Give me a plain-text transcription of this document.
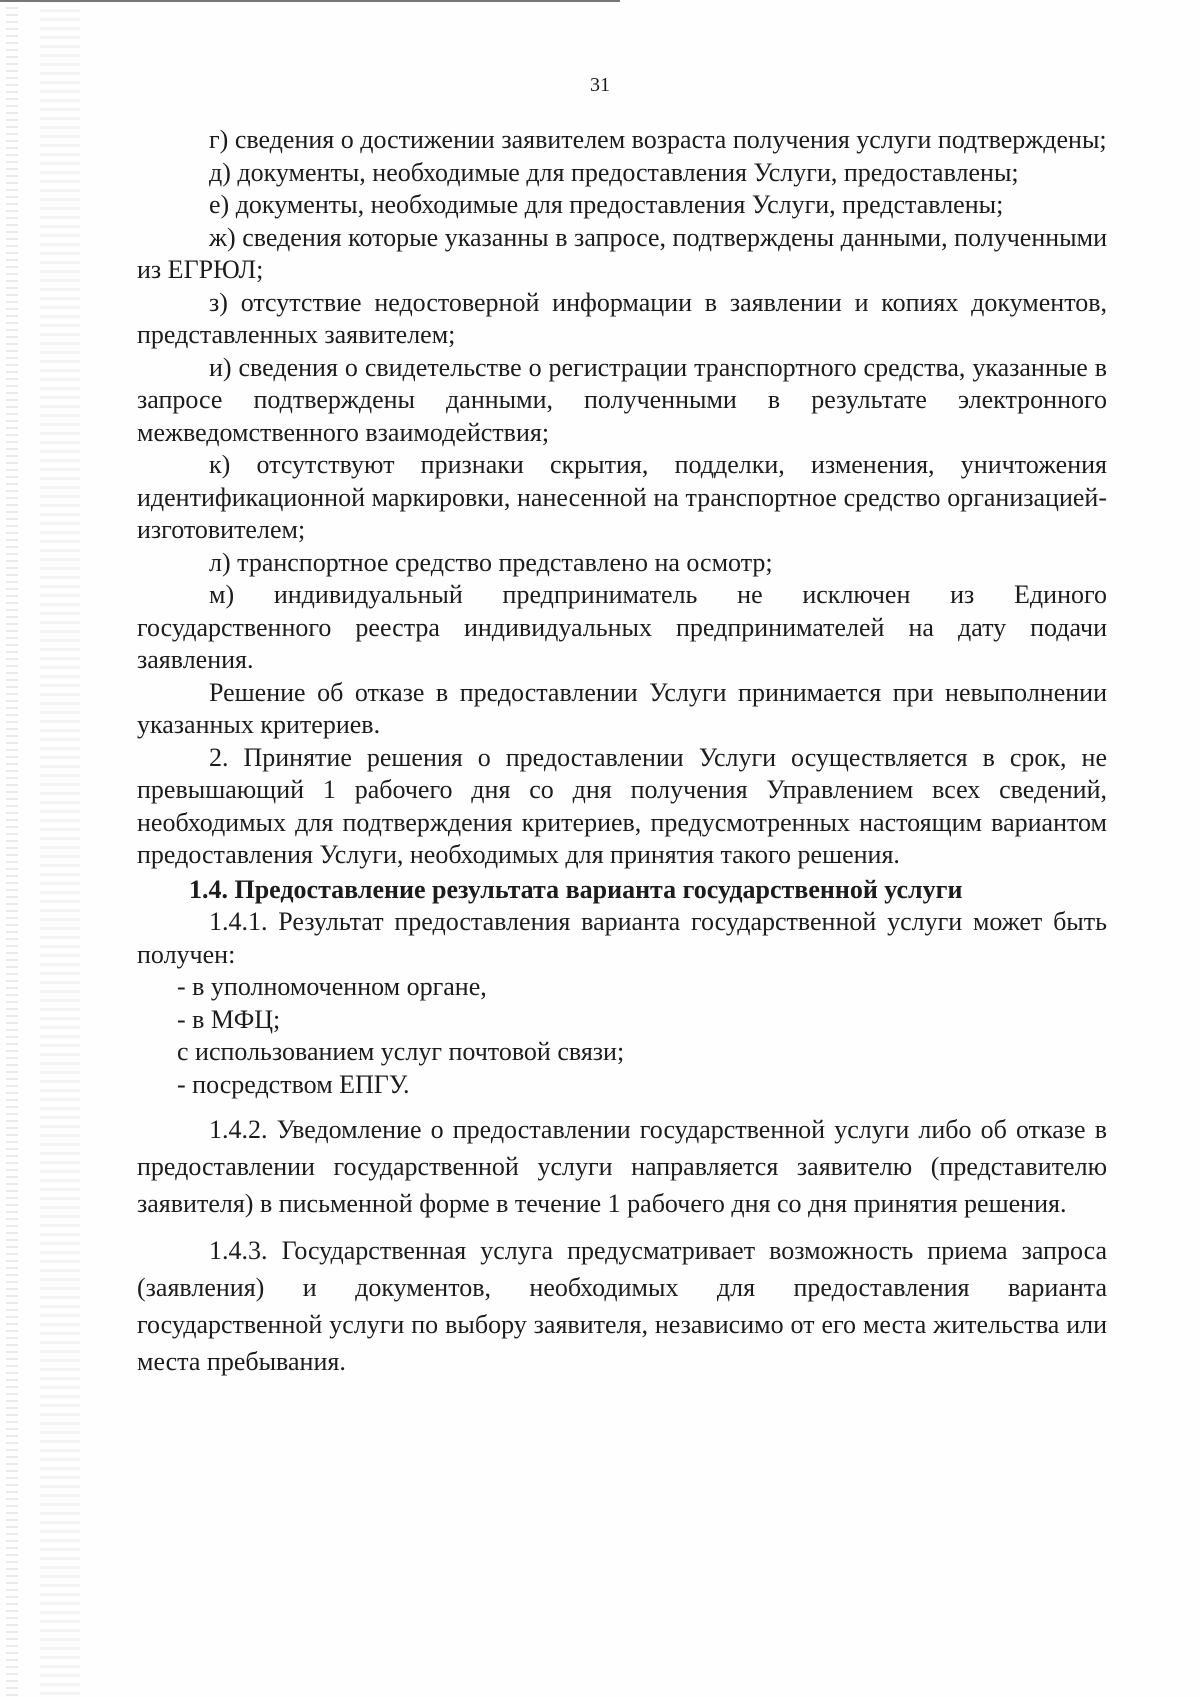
31

г) сведения о достижении заявителем возраста получения услуги подтверждены;

д) документы, необходимые для предоставления Услуги, предоставлены;

е) документы, необходимые для предоставления Услуги, представлены;

ж) сведения которые указанны в запросе, подтверждены данными, полученными из ЕГРЮЛ;

з) отсутствие недостоверной информации в заявлении и копиях документов, представленных заявителем;

и) сведения о свидетельстве о регистрации транспортного средства, указанные в запросе подтверждены данными, полученными в результате электронного межведомственного взаимодействия;

к) отсутствуют признаки скрытия, подделки, изменения, уничтожения идентификационной маркировки, нанесенной на транспортное средство организацией-изготовителем;

л) транспортное средство представлено на осмотр;

м) индивидуальный предприниматель не исключен из Единого государственного реестра индивидуальных предпринимателей на дату подачи заявления.

Решение об отказе в предоставлении Услуги принимается при невыполнении указанных критериев.

2. Принятие решения о предоставлении Услуги осуществляется в срок, не превышающий 1 рабочего дня со дня получения Управлением всех сведений, необходимых для подтверждения критериев, предусмотренных настоящим вариантом предоставления Услуги, необходимых для принятия такого решения.

1.4. Предоставление результата варианта государственной услуги

1.4.1. Результат предоставления варианта государственной услуги может быть получен:

- в уполномоченном органе,

- в МФЦ;

с использованием услуг почтовой связи;

- посредством ЕПГУ.

1.4.2. Уведомление о предоставлении государственной услуги либо об отказе в предоставлении государственной услуги направляется заявителю (представителю заявителя) в письменной форме в течение 1 рабочего дня со дня принятия решения.

1.4.3. Государственная услуга предусматривает возможность приема запроса (заявления) и документов, необходимых для предоставления варианта государственной услуги по выбору заявителя, независимо от его места жительства или места пребывания.
